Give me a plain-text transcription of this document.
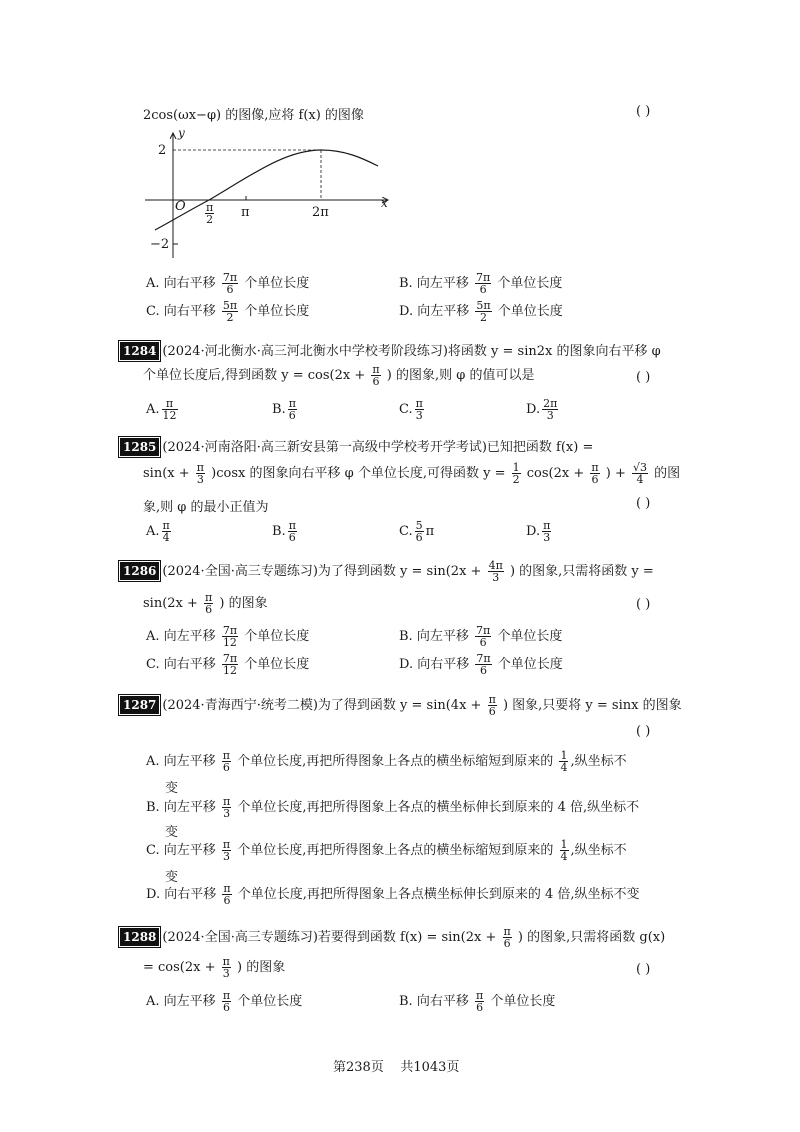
2cos(ωx−φ) 的图像,应将 f(x) 的图像	( )
y
x
2
−2
O $\frac{\pi}{2}$ π	2π
A. 向右平移 $\frac{7\pi}{6}$ 个单位长度	B. 向左平移 $\frac{7\pi}{6}$ 个单位长度
C. 向右平移 $\frac{5\pi}{2}$ 个单位长度	D. 向左平移 $\frac{5\pi}{2}$ 个单位长度
1284 (2024·河北衡水·高三河北衡水中学校考阶段练习)将函数 y = sin2x 的图象向右平移 φ
个单位长度后,得到函数 $y = \cos(2x + \frac{\pi}{6}$ ) 的图象,则 φ 的值可以是	( )
A. $\frac{\pi}{12}$	B. $\frac{\pi}{6}$	C. $\frac{\pi}{3}$	D. $\frac{2\pi}{3}$
1285 (2024·河南洛阳·高三新安县第一高级中学校考开学考试)已知把函数 f(x) =
$\sin(x + \frac{\pi}{3} )\cos x$ 的图象向右平移 φ 个单位长度,可得函数 $y = \frac{1}{2} \cos(2x + \frac{\pi}{6}$ ) + $\frac{√3}{4}$ 的图
象,则 φ 的最小正值为	( )
A. $\frac{\pi}{4}$	B. $\frac{\pi}{6}$	C. $\frac{5}{6}$ π	D. $\frac{\pi}{3}$
1286 (2024·全国·高三专题练习)为了得到函数 $y = \sin(2x + \frac{4\pi}{3}$ ) 的图象,只需将函数 y =
$\sin(2x + \frac{\pi}{6}$ ) 的图象	( )
A. 向左平移 $\frac{7\pi}{12}$ 个单位长度	B. 向左平移 $\frac{7\pi}{6}$ 个单位长度
C. 向右平移 $\frac{7\pi}{12}$ 个单位长度	D. 向右平移 $\frac{7\pi}{6}$ 个单位长度
1287 (2024·青海西宁·统考二模)为了得到函数 $y = \sin(4x + \frac{\pi}{6}$ ) 图象,只要将 y = sinx 的图象
( )
A. 向左平移 $\frac{\pi}{6}$ 个单位长度,再把所得图象上各点的横坐标缩短到原来的 $\frac{1}{4}$ ,纵坐标不
变
B. 向左平移 $\frac{\pi}{3}$ 个单位长度,再把所得图象上各点的横坐标伸长到原来的 4 倍,纵坐标不
变
C. 向左平移 $\frac{\pi}{3}$ 个单位长度,再把所得图象上各点的横坐标缩短到原来的 $\frac{1}{4}$ ,纵坐标不
变
D. 向右平移 $\frac{\pi}{6}$ 个单位长度,再把所得图象上各点横坐标伸长到原来的 4 倍,纵坐标不变
1288 (2024·全国·高三专题练习)若要得到函数 $f(x) = \sin(2x + \frac{\pi}{6}$ ) 的图象,只需将函数 g(x)
= $\cos(2x + \frac{\pi}{3}$ ) 的图象	( )
A. 向左平移 $\frac{\pi}{6}$ 个单位长度	B. 向右平移 $\frac{\pi}{6}$ 个单位长度
第238页 共1043页
